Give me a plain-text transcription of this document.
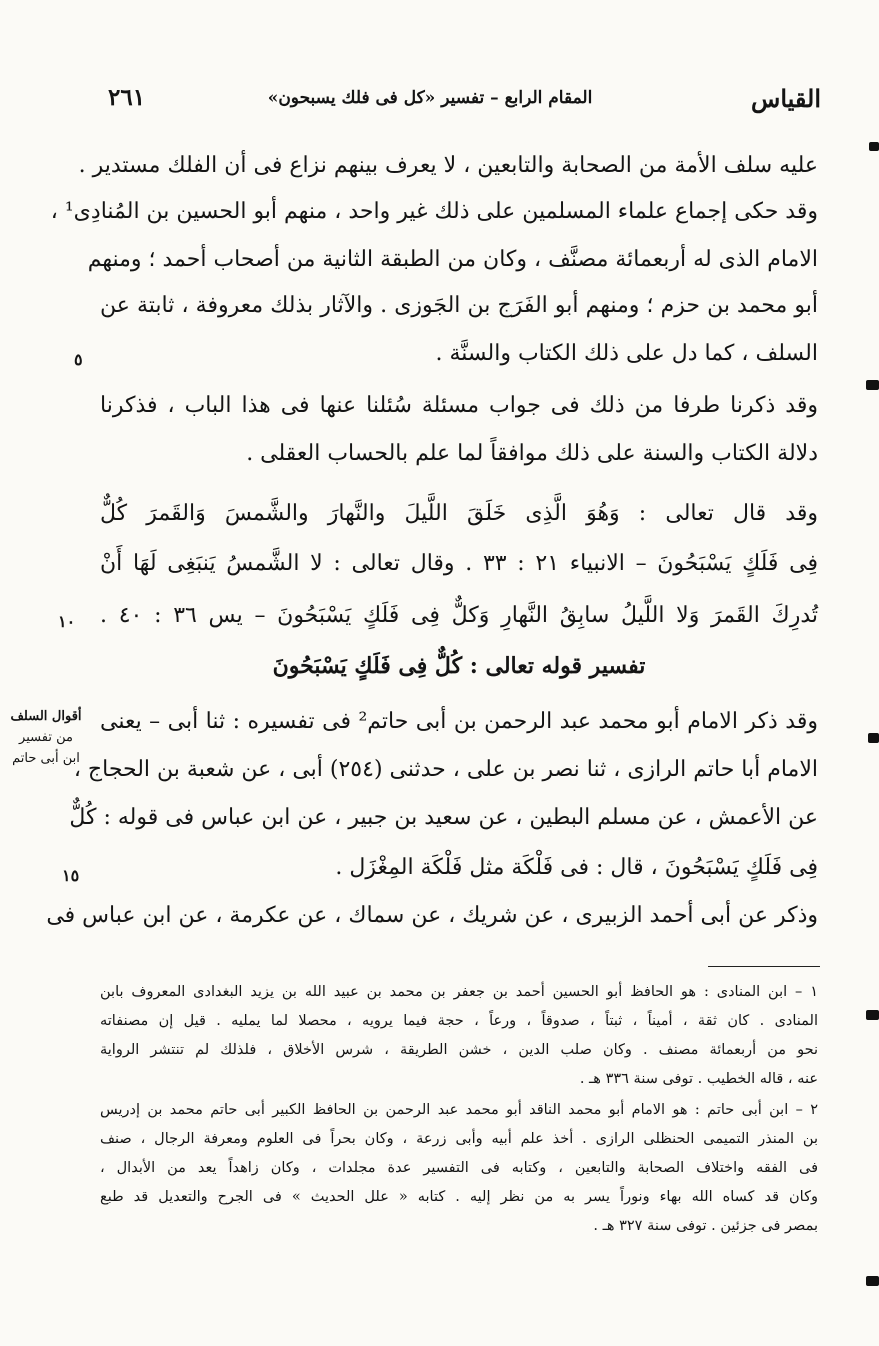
القياس
المقام الرابع – تفسير «كل فى فلك يسبحون»
٢٦١
عليه سلف الأمة من الصحابة والتابعين ، لا يعرف بينهم نزاع فى أن الفلك مستدير .
وقد حكى إجماع علماء المسلمين على ذلك غير واحد ، منهم أبو الحسين بن المُنادِى¹ ،
الامام الذى له أربعمائة مصنَّف ، وكان من الطبقة الثانية من أصحاب أحمد ؛ ومنهم
أبو محمد بن حزم ؛ ومنهم أبو الفَرَج بن الجَوزى . والآثار بذلك معروفة ، ثابتة عن
السلف ، كما دل على ذلك الكتاب والسنَّة .
وقد ذكرنا طرفا من ذلك فى جواب مسئلة سُئلنا عنها فى هذا الباب ، فذكرنا
دلالة الكتاب والسنة على ذلك موافقاً لما علم بالحساب العقلى .
وقد قال تعالى : وَهُوَ الَّذِى خَلَقَ اللَّيلَ والنَّهارَ والشَّمسَ وَالقَمرَ كُلٌّ
فِى فَلَكٍ يَسْبَحُونَ – الانبياء ٢١ : ٣٣ . وقال تعالى : لا الشَّمسُ يَنبَغِى لَهَا أَنْ
تُدرِكَ القَمرَ وَلا اللَّيلُ سابِقُ النَّهارِ وَكلٌّ فِى فَلَكٍ يَسْبَحُونَ – يس ٣٦ : ٤٠ .
تفسير قوله تعالى : كُلٌّ فِى فَلَكٍ يَسْبَحُونَ
وقد ذكر الامام أبو محمد عبد الرحمن بن أبى حاتم² فى تفسيره : ثنا أبى – يعنى
الامام أبا حاتم الرازى ، ثنا نصر بن على ، حدثنى (٢٥٤) أبى ، عن شعبة بن الحجاج ،
عن الأعمش ، عن مسلم البطين ، عن سعيد بن جبير ، عن ابن عباس فى قوله : كُلٌّ
فِى فَلَكٍ يَسْبَحُونَ ، قال : فى فَلْكَة مثل فَلْكَة المِغْزَل .
وذكر عن أبى أحمد الزبيرى ، عن شريك ، عن سماك ، عن عكرمة ، عن ابن عباس فى
٥
١٠
١٥
أقوال السلف
من تفسير
ابن أبى حاتم
١ – ابن المنادى : هو الحافظ أبو الحسين أحمد بن جعفر بن محمد بن عبيد الله بن يزيد البغدادى المعروف بابن
المنادى . كان ثقة ، أميناً ، ثبتاً ، صدوقاً ، ورعاً ، حجة فيما يرويه ، محصلا لما يمليه . قيل إن مصنفاته
نحو من أربعمائة مصنف . وكان صلب الدين ، خشن الطريقة ، شرس الأخلاق ، فلذلك لم تنتشر الرواية
عنه ، قاله الخطيب . توفى سنة ٣٣٦ هـ .
٢ – ابن أبى حاتم : هو الامام أبو محمد الناقد أبو محمد عبد الرحمن بن الحافظ الكبير أبى حاتم محمد بن إدريس
بن المنذر التميمى الحنظلى الرازى . أخذ علم أبيه وأبى زرعة ، وكان بحراً فى العلوم ومعرفة الرجال ، صنف
فى الفقه واختلاف الصحابة والتابعين ، وكتابه فى التفسير عدة مجلدات ، وكان زاهداً يعد من الأبدال ،
وكان قد كساه الله بهاء ونوراً يسر به من نظر إليه . كتابه « علل الحديث » فى الجرح والتعديل قد طبع
بمصر فى جزئين . توفى سنة ٣٢٧ هـ .
